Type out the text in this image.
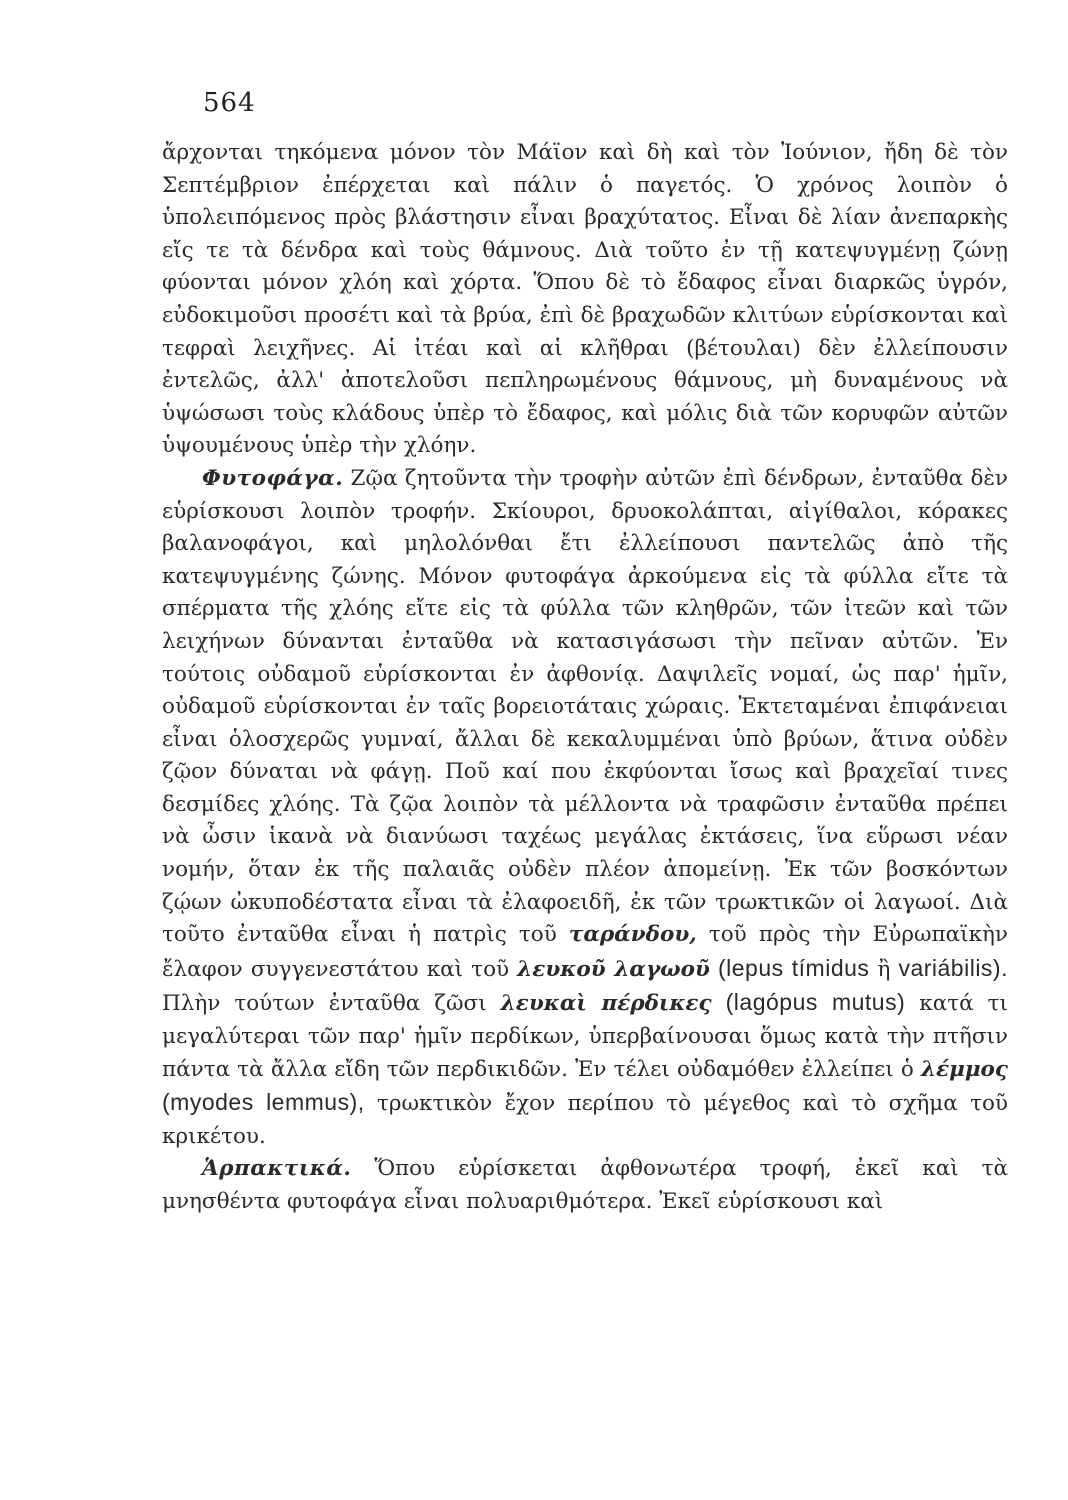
564

ἄρχονται τηκόμενα μόνον τὸν Μάϊον καὶ δὴ καὶ τὸν Ἰούνιον, ἤδη δὲ τὸν Σεπτέμβριον ἐπέρχεται καὶ πάλιν ὁ παγετός. Ὁ χρόνος λοιπὸν ὁ ὑπολειπόμενος πρὸς βλάστησιν εἶναι βραχύτατος. Εἶναι δὲ λίαν ἀνεπαρκὴς εἴς τε τὰ δένδρα καὶ τοὺς θάμνους. Διὰ τοῦτο ἐν τῇ κατεψυγμένῃ ζώνῃ φύονται μόνον χλόη καὶ χόρτα. Ὅπου δὲ τὸ ἔδαφος εἶναι διαρκῶς ὑγρόν, εὐδοκιμοῦσι προσέτι καὶ τὰ βρύα, ἐπὶ δὲ βραχωδῶν κλιτύων εὑρίσκονται καὶ τεφραὶ λειχῆνες. Αἱ ἰτέαι καὶ αἱ κλῆθραι (βέτουλαι) δὲν ἐλλείπουσιν ἐντελῶς, ἀλλ' ἀποτελοῦσι πεπληρωμένους θάμνους, μὴ δυναμένους νὰ ὑψώσωσι τοὺς κλάδους ὑπὲρ τὸ ἔδαφος, καὶ μόλις διὰ τῶν κορυφῶν αὐτῶν ὑψουμένους ὑπὲρ τὴν χλόην.

Φυτοφάγα. Ζῷα ζητοῦντα τὴν τροφὴν αὐτῶν ἐπὶ δένδρων, ἐνταῦθα δὲν εὑρίσκουσι λοιπὸν τροφήν. Σκίουροι, δρυοκολάπται, αἰγίθαλοι, κόρακες βαλανοφάγοι, καὶ μηλολόνθαι ἔτι ἐλλείπουσι παντελῶς ἀπὸ τῆς κατεψυγμένης ζώνης. Μόνον φυτοφάγα ἀρκούμενα εἰς τὰ φύλλα εἴτε τὰ σπέρματα τῆς χλόης εἴτε εἰς τὰ φύλλα τῶν κληθρῶν, τῶν ἰτεῶν καὶ τῶν λειχήνων δύνανται ἐνταῦθα νὰ κατασιγάσωσι τὴν πεῖναν αὐτῶν. Ἐν τούτοις οὐδαμοῦ εὑρίσκονται ἐν ἀφθονίᾳ. Δαψιλεῖς νομαί, ὡς παρ' ἡμῖν, οὐδαμοῦ εὑρίσκονται ἐν ταῖς βορειοτάταις χώραις. Ἐκτεταμέναι ἐπιφάνειαι εἶναι ὁλοσχερῶς γυμναί, ἄλλαι δὲ κεκαλυμμέναι ὑπὸ βρύων, ἅτινα οὐδὲν ζῷον δύναται νὰ φάγῃ. Ποῦ καί που ἐκφύονται ἴσως καὶ βραχεῖαί τινες δεσμίδες χλόης. Τὰ ζῷα λοιπὸν τὰ μέλλοντα νὰ τραφῶσιν ἐνταῦθα πρέπει νὰ ὦσιν ἱκανὰ νὰ διανύωσι ταχέως μεγάλας ἐκτάσεις, ἵνα εὕρωσι νέαν νομήν, ὅταν ἐκ τῆς παλαιᾶς οὐδὲν πλέον ἀπομείνῃ. Ἐκ τῶν βοσκόντων ζῴων ὠκυποδέστατα εἶναι τὰ ἐλαφοειδῆ, ἐκ τῶν τρωκτικῶν οἱ λαγωοί. Διὰ τοῦτο ἐνταῦθα εἶναι ἡ πατρὶς τοῦ ταράνδου, τοῦ πρὸς τὴν Εὐρωπαϊκὴν ἔλαφον συγγενεστάτου καὶ τοῦ λευκοῦ λαγωοῦ (lepus tímidus ἢ variábilis). Πλὴν τούτων ἐνταῦθα ζῶσι λευκαὶ πέρδικες (lagópus mutus) κατά τι μεγαλύτεραι τῶν παρ' ἡμῖν περδίκων, ὑπερβαίνουσαι ὅμως κατὰ τὴν πτῆσιν πάντα τὰ ἄλλα εἴδη τῶν περδικιδῶν. Ἐν τέλει οὐδαμόθεν ἐλλείπει ὁ λέμμος (myodes lemmus), τρωκτικὸν ἔχον περίπου τὸ μέγεθος καὶ τὸ σχῆμα τοῦ κρικέτου.

Ἁρπακτικά. Ὅπου εὑρίσκεται ἀφθονωτέρα τροφή, ἐκεῖ καὶ τὰ μνησθέντα φυτοφάγα εἶναι πολυαριθμότερα. Ἐκεῖ εὑρίσκουσι καὶ
